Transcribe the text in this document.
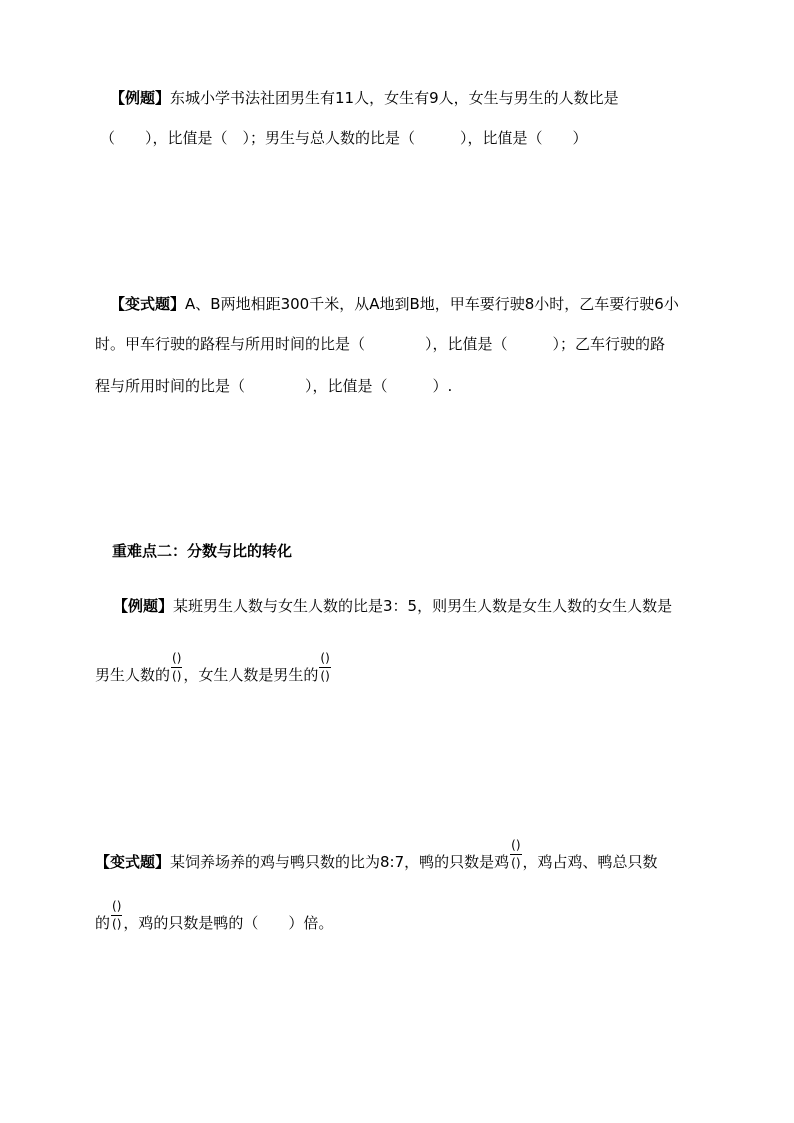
【例题】东城小学书法社团男生有11人，女生有9人，女生与男生的人数比是
（　　），比值是（　）；男生与总人数的比是（　　　），比值是（　　）
【变式题】A、B两地相距300千米，从A地到B地，甲车要行驶8小时，乙车要行驶6小
时。甲车行驶的路程与所用时间的比是（　　　　），比值是（　　　）；乙车行驶的路
程与所用时间的比是（　　　　），比值是（　　　）.
重难点二：分数与比的转化
【例题】某班男生人数与女生人数的比是3：5，则男生人数是女生人数的女生人数是
男生人数的 $\frac{()}{()}$ ，女生人数是男生的 $\frac{()}{()}$
【变式题】某饲养场养的鸡与鸭只数的比为8:7，鸭的只数是鸡 $\frac{()}{()}$ ，鸡占鸡、鸭总只数
的 $\frac{()}{()}$ ，鸡的只数是鸭的（　　）倍。
